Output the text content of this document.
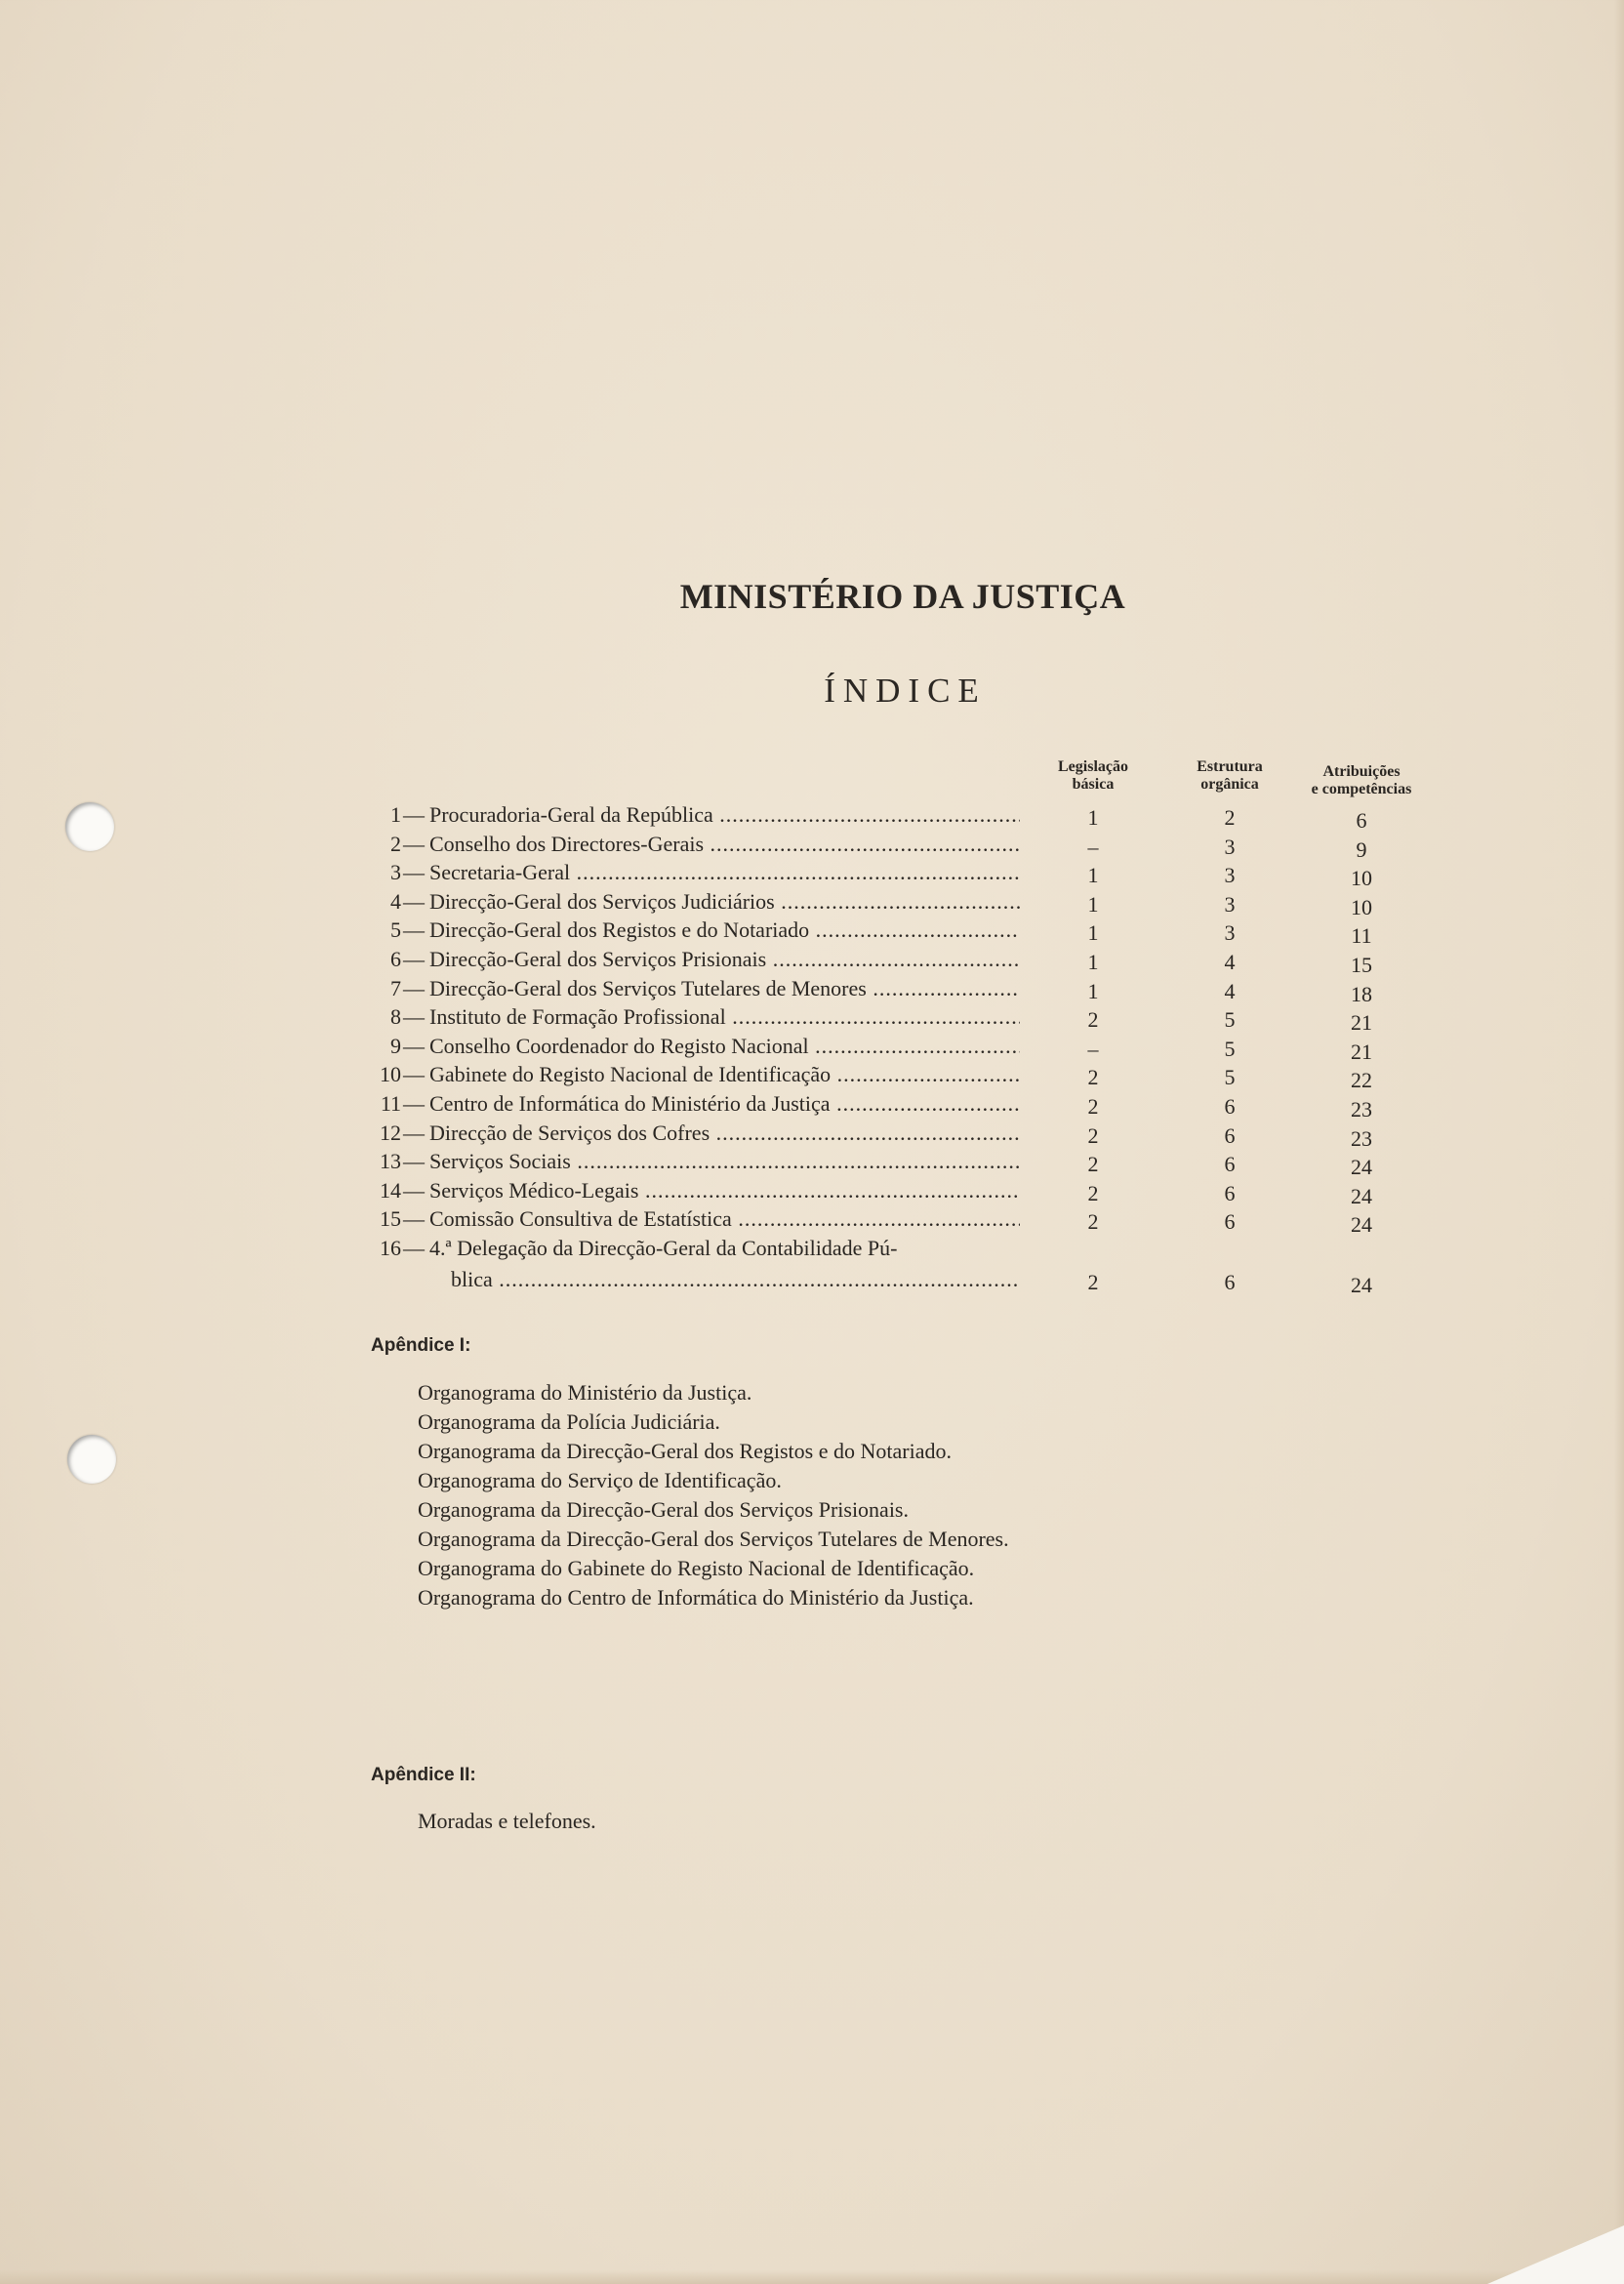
MINISTÉRIO DA JUSTIÇA
ÍNDICE
Legislação
básica
Estrutura
orgânica
Atribuições
e competências
1 — Procuradoria-Geral da República .....	1	2	6
2 — Conselho dos Directores-Gerais .....	–	3	9
3 — Secretaria-Geral .....	1	3	10
4 — Direcção-Geral dos Serviços Judiciários .....	1	3	10
5 — Direcção-Geral dos Registos e do Notariado .....	1	3	11
6 — Direcção-Geral dos Serviços Prisionais .....	1	4	15
7 — Direcção-Geral dos Serviços Tutelares de Menores .....	1	4	18
8 — Instituto de Formação Profissional .....	2	5	21
9 — Conselho Coordenador do Registo Nacional .....	–	5	21
10 — Gabinete do Registo Nacional de Identificação .....	2	5	22
11 — Centro de Informática do Ministério da Justiça .....	2	6	23
12 — Direcção de Serviços dos Cofres .....	2	6	23
13 — Serviços Sociais .....	2	6	24
14 — Serviços Médico-Legais .....	2	6	24
15 — Comissão Consultiva de Estatística .....	2	6	24
16 — 4.ª Delegação da Direcção-Geral da Contabilidade Pú-
blica .....	2	6	24
Apêndice I:
Organograma do Ministério da Justiça.
Organograma da Polícia Judiciária.
Organograma da Direcção-Geral dos Registos e do Notariado.
Organograma do Serviço de Identificação.
Organograma da Direcção-Geral dos Serviços Prisionais.
Organograma da Direcção-Geral dos Serviços Tutelares de Menores.
Organograma do Gabinete do Registo Nacional de Identificação.
Organograma do Centro de Informática do Ministério da Justiça.
Apêndice II:
Moradas e telefones.
